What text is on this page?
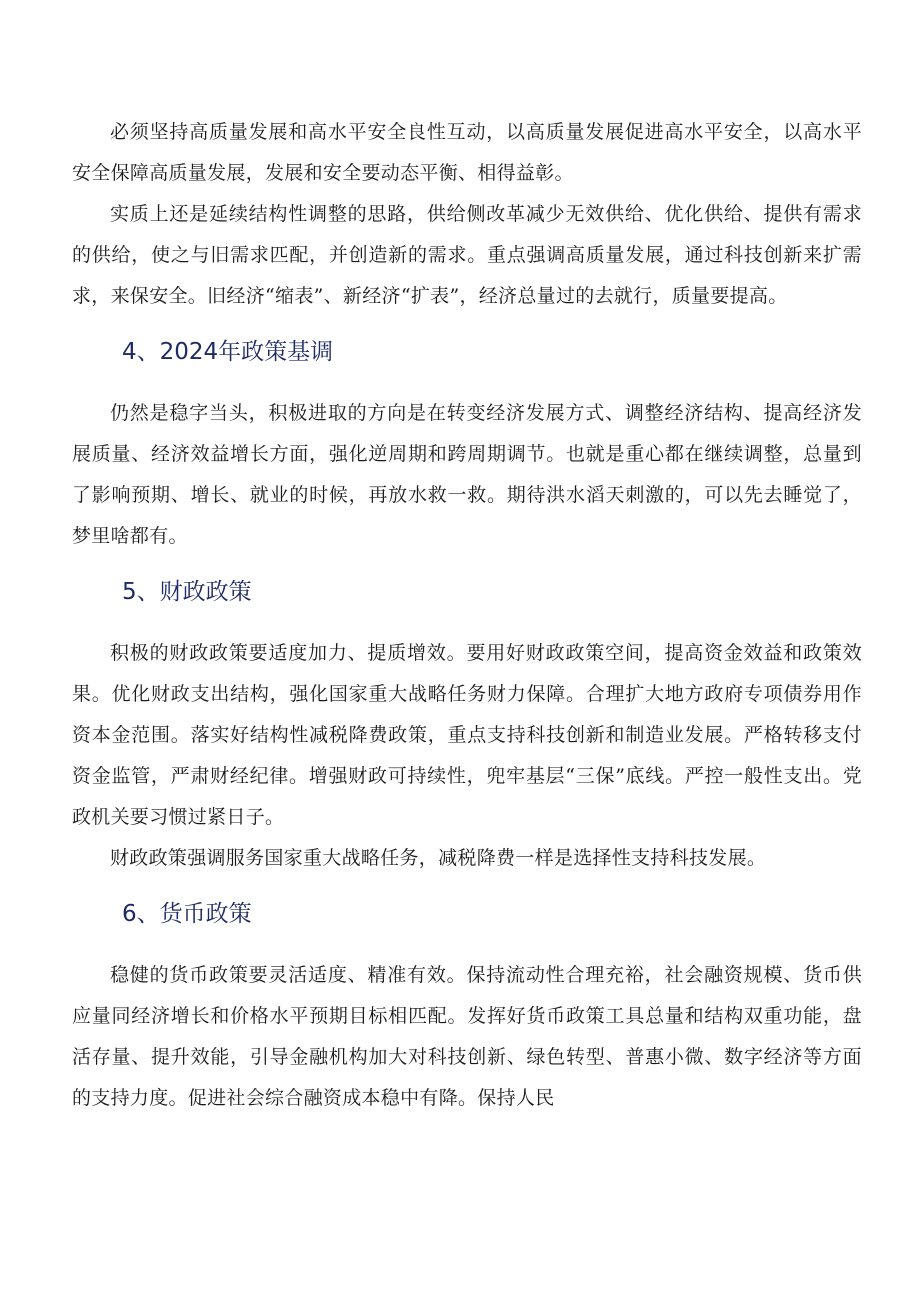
必须坚持高质量发展和高水平安全良性互动，以高质量发展促进高水平安全，以高水平安全保障高质量发展，发展和安全要动态平衡、相得益彰。

实质上还是延续结构性调整的思路，供给侧改革减少无效供给、优化供给、提供有需求的供给，使之与旧需求匹配，并创造新的需求。重点强调高质量发展，通过科技创新来扩需求，来保安全。旧经济“缩表”、新经济“扩表”，经济总量过的去就行，质量要提高。

4、2024年政策基调

仍然是稳字当头，积极进取的方向是在转变经济发展方式、调整经济结构、提高经济发展质量、经济效益增长方面，强化逆周期和跨周期调节。也就是重心都在继续调整，总量到了影响预期、增长、就业的时候，再放水救一救。期待洪水滔天刺激的，可以先去睡觉了，梦里啥都有。

5、财政政策

积极的财政政策要适度加力、提质增效。要用好财政政策空间，提高资金效益和政策效果。优化财政支出结构，强化国家重大战略任务财力保障。合理扩大地方政府专项债券用作资本金范围。落实好结构性减税降费政策，重点支持科技创新和制造业发展。严格转移支付资金监管，严肃财经纪律。增强财政可持续性，兜牢基层“三保”底线。严控一般性支出。党政机关要习惯过紧日子。

财政政策强调服务国家重大战略任务，减税降费一样是选择性支持科技发展。

6、货币政策

稳健的货币政策要灵活适度、精准有效。保持流动性合理充裕，社会融资规模、货币供应量同经济增长和价格水平预期目标相匹配。发挥好货币政策工具总量和结构双重功能，盘活存量、提升效能，引导金融机构加大对科技创新、绿色转型、普惠小微、数字经济等方面的支持力度。促进社会综合融资成本稳中有降。保持人民
